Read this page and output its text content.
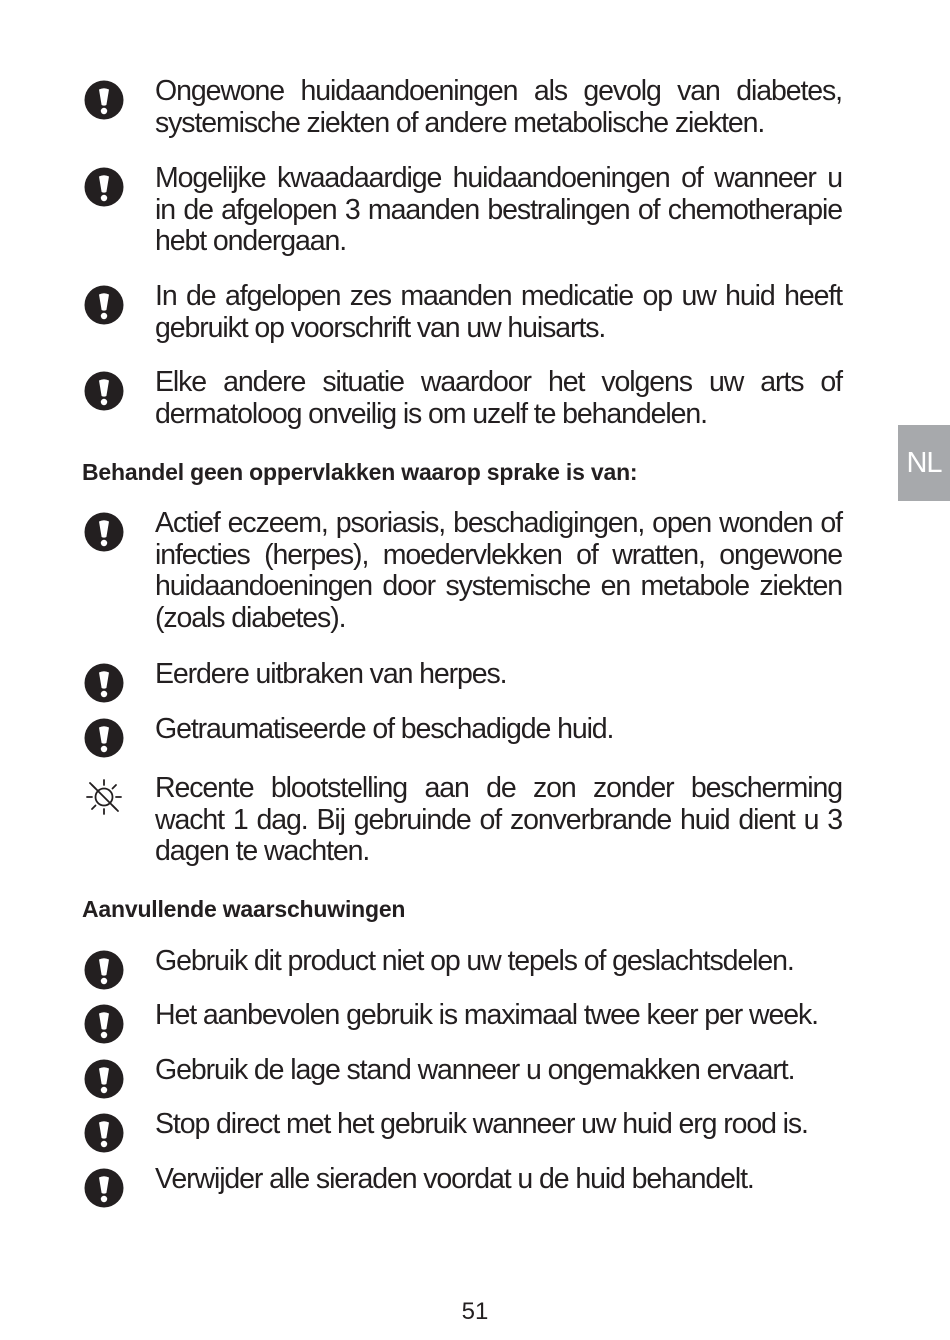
Ongewone huidaandoeningen als gevolg van diabetes, systemische ziekten of andere metabolische ziekten.
Mogelijke kwaadaardige huidaandoeningen of wanneer u in de afgelopen 3 maanden bestralingen of chemotherapie hebt ondergaan.
In de afgelopen zes maanden medicatie op uw huid heeft gebruikt op voorschrift van uw huisarts.
Elke andere situatie waardoor het volgens uw arts of dermatoloog onveilig is om uzelf te behandelen.
Behandel geen oppervlakken waarop sprake is van:	NL
Actief eczeem, psoriasis, beschadigingen, open wonden of infecties (herpes), moedervlekken of wratten, ongewone huidaandoeningen door systemische en metabole ziekten (zoals diabetes).
Eerdere uitbraken van herpes.
Getraumatiseerde of beschadigde huid.
Recente blootstelling aan de zon zonder bescherming wacht 1 dag. Bij gebruinde of zonverbrande huid dient u 3 dagen te wachten.
Aanvullende waarschuwingen
Gebruik dit product niet op uw tepels of geslachtsdelen.
Het aanbevolen gebruik is maximaal twee keer per week.
Gebruik de lage stand wanneer u ongemakken ervaart.
Stop direct met het gebruik wanneer uw huid erg rood is.
Verwijder alle sieraden voordat u de huid behandelt.
51
